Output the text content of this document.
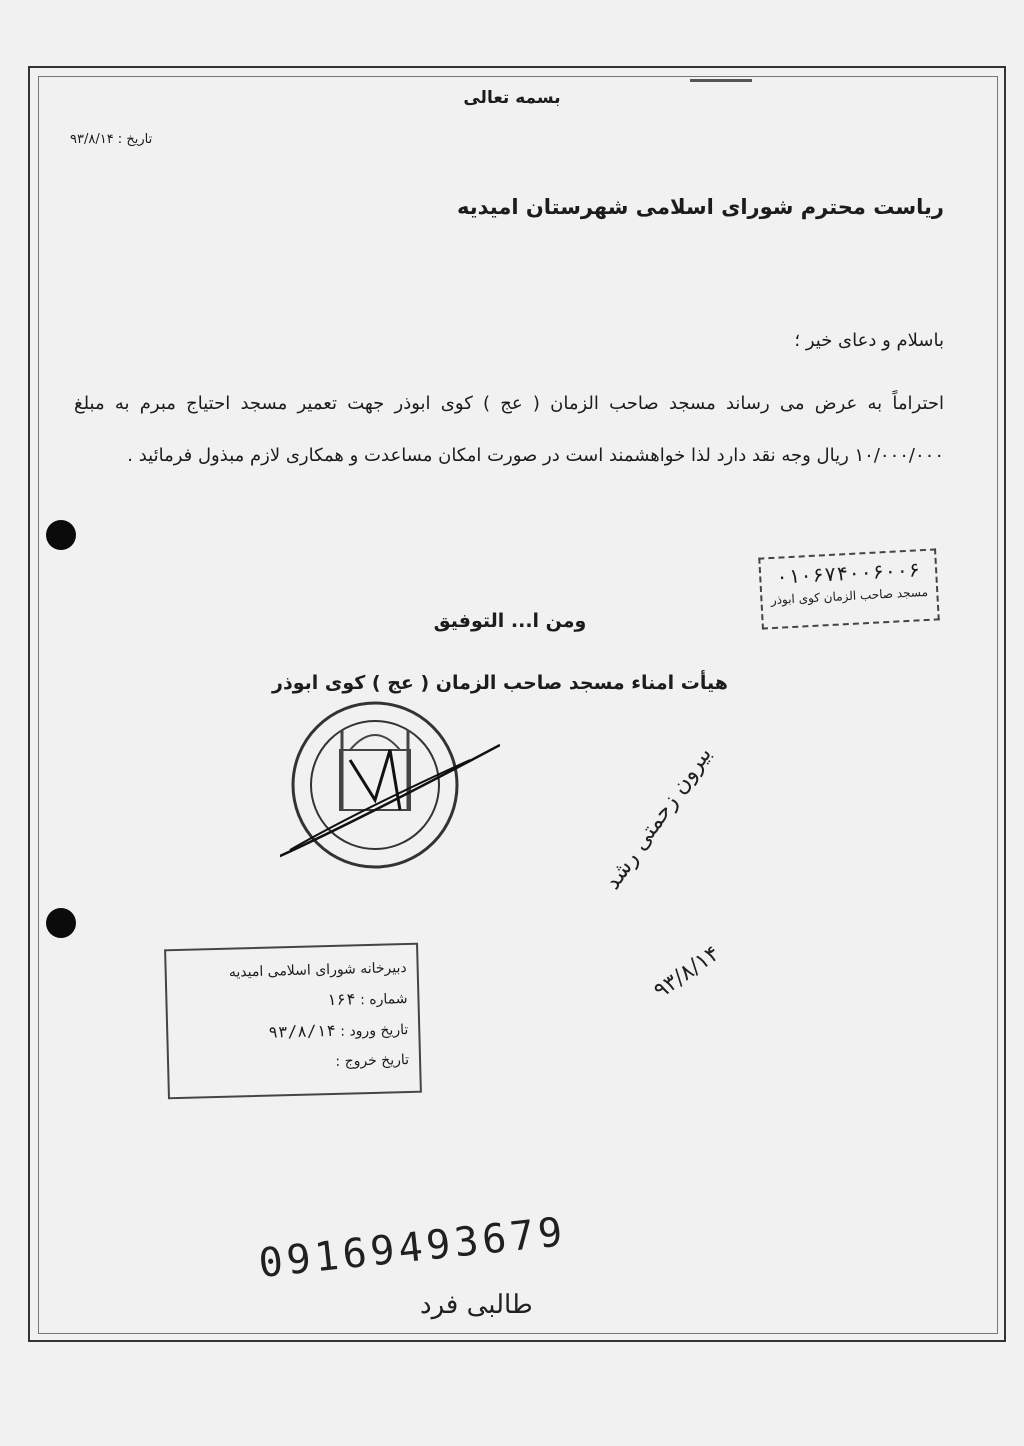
بسمه تعالی
تاریخ : ۹۳/۸/۱۴
ریاست محترم شورای اسلامی شهرستان امیدیه
باسلام و دعای خیر ؛
احتراماً به عرض می رساند مسجد صاحب الزمان ( عج ) کوی ابوذر جهت تعمیر مسجد احتیاج مبرم به مبلغ ۱۰/۰۰۰/۰۰۰ ریال وجه نقد دارد لذا خواهشمند است در صورت امکان مساعدت و همکاری لازم مبذول فرمائید .
ومن ا... التوفیق
هیأت امناء مسجد صاحب الزمان ( عج ) کوی ابوذر
۰۱۰۶۷۴۰۰۶۰۰۶
مسجد صاحب الزمان کوی ابوذر
دبیرخانه شورای اسلامی امیدیه
شماره : ۱۶۴
تاریخ ورود : ۹۳/۸/۱۴
تاریخ خروج :
بیرون زحمتی رشد
۹۳/۸/۱۴
09169493679
طالبی فرد
